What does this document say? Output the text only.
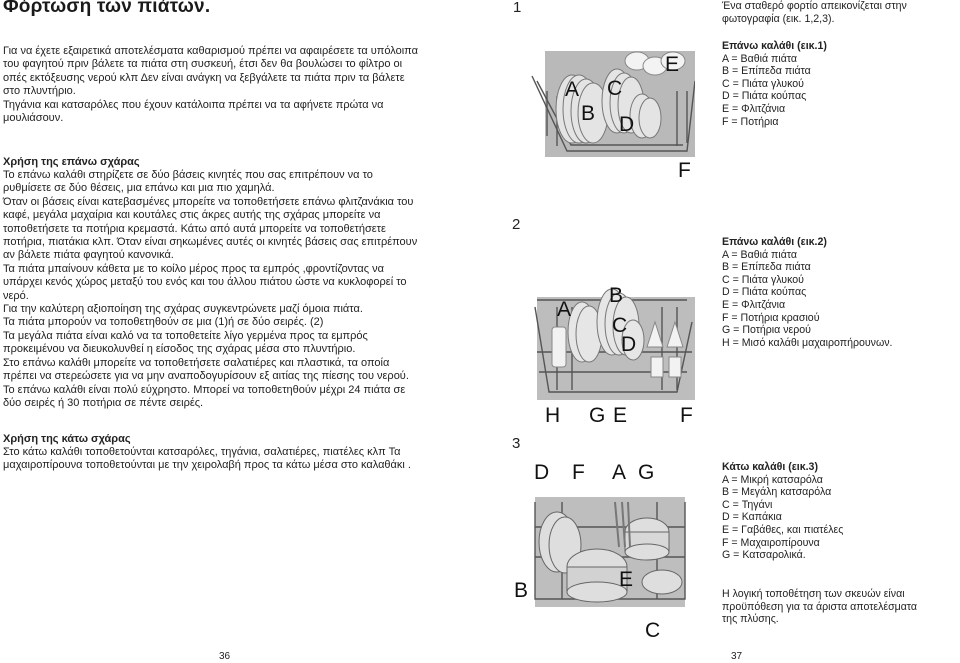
Φόρτωση των πιάτων.
Για να έχετε εξαιρετικά αποτελέσματα καθαρισμού πρέπει να αφαιρέσετε τα υπόλοιπα
του φαγητού πριν βάλετε τα πιάτα στη συσκευή, έτσι δεν θα βουλώσει το φίλτρο οι
οπές εκτόξευσης νερού κλπ Δεν είναι ανάγκη να ξεβγάλετε τα πιάτα πριν τα βάλετε
στο πλυντήριο.
Τηγάνια και κατσαρόλες που έχουν κατάλοιπα πρέπει να τα αφήνετε πρώτα να
μουλιάσουν.
Χρήση της επάνω σχάρας
Το επάνω καλάθι στηρίζετε σε δύο βάσεις κινητές που σας επιτρέπουν να το
ρυθμίσετε σε δύο θέσεις, μια επάνω και μια πιο χαμηλά.
Όταν οι βάσεις είναι κατεβασμένες μπορείτε να τοποθετήσετε επάνω φλιτζανάκια του
καφέ, μεγάλα μαχαίρια και κουτάλες στις άκρες αυτής της σχάρας μπορείτε να
τοποθετήσετε τα ποτήρια κρεμαστά. Κάτω από αυτά μπορείτε να τοποθετήσετε
ποτήρια, πιατάκια κλπ. Όταν είναι σηκωμένες αυτές οι κινητές βάσεις σας επιτρέπουν
αν βάλετε πιάτα φαγητού κανονικά.
Τα πιάτα μπαίνουν κάθετα με το κοίλο μέρος προς τα εμπρός ,φροντίζοντας να
υπάρχει κενός χώρος μεταξύ του ενός και του άλλου πιάτου ώστε να κυκλοφορεί το
νερό.
Για την καλύτερη αξιοποίηση της σχάρας συγκεντρώνετε μαζί όμοια πιάτα.
Τα πιάτα μπορούν να τοποθετηθούν σε μια (1)ή σε δύο σειρές. (2)
Τα μεγάλα πιάτα είναι καλό να τα τοποθετείτε λίγο γερμένα προς τα εμπρός
προκειμένου να διευκολυνθεί η είσοδος της σχάρας μέσα στο πλυντήριο.
Στο επάνω καλάθι μπορείτε να τοποθετήσετε σαλατιέρες και πλαστικά, τα οποία
πρέπει να στερεώσετε για να μην αναποδογυρίσουν εξ αιτίας της πίεσης του νερού.
Το επάνω καλάθι είναι πολύ εύχρηστο. Μπορεί να τοποθετηθούν μέχρι 24 πιάτα σε
δύο σειρές ή 30 ποτήρια σε πέντε σειρές.
Χρήση της κάτω σχάρας
Στο κάτω καλάθι τοποθετούνται κατσαρόλες, τηγάνια, σαλατιέρες, πιατέλες κλπ Τα
μαχαιροπίρουνα τοποθετούνται με την χειρολαβή προς τα κάτω μέσα στο καλαθάκι .
36
Ένα σταθερό φορτίο απεικονίζεται στην
φωτογραφία (εικ. 1,2,3).
1
A
B
C
D
E
F
Επάνω καλάθι (εικ.1)
A = Βαθιά πιάτα
B = Επίπεδα πιάτα
C = Πιάτα γλυκού
D = Πιάτα κούπας
E = Φλιτζάνια
F = Ποτήρια
2
A
B
C
D
H G E	F
Επάνω καλάθι (εικ.2)
A = Βαθιά πιάτα
B = Επίπεδα πιάτα
C = Πιάτα γλυκού
D = Πιάτα κούπας
E = Φλιτζάνια
F = Ποτήρια κρασιού
G = Ποτήρια νερού
H = Μισό καλάθι μαχαιροπήρουνων.
3
D F A G
E
B
C
Κάτω καλάθι (εικ.3)
A = Μικρή κατσαρόλα
B = Μεγάλη κατσαρόλα
C = Τηγάνι
D = Καπάκια
E = Γαβάθες, και πιατέλες
F = Μαχαιροπίρουνα
G = Κατσαρολικά.
Η λογική τοποθέτηση των σκευών είναι
προϋπόθεση για τα άριστα αποτελέσματα
της πλύσης.
37
